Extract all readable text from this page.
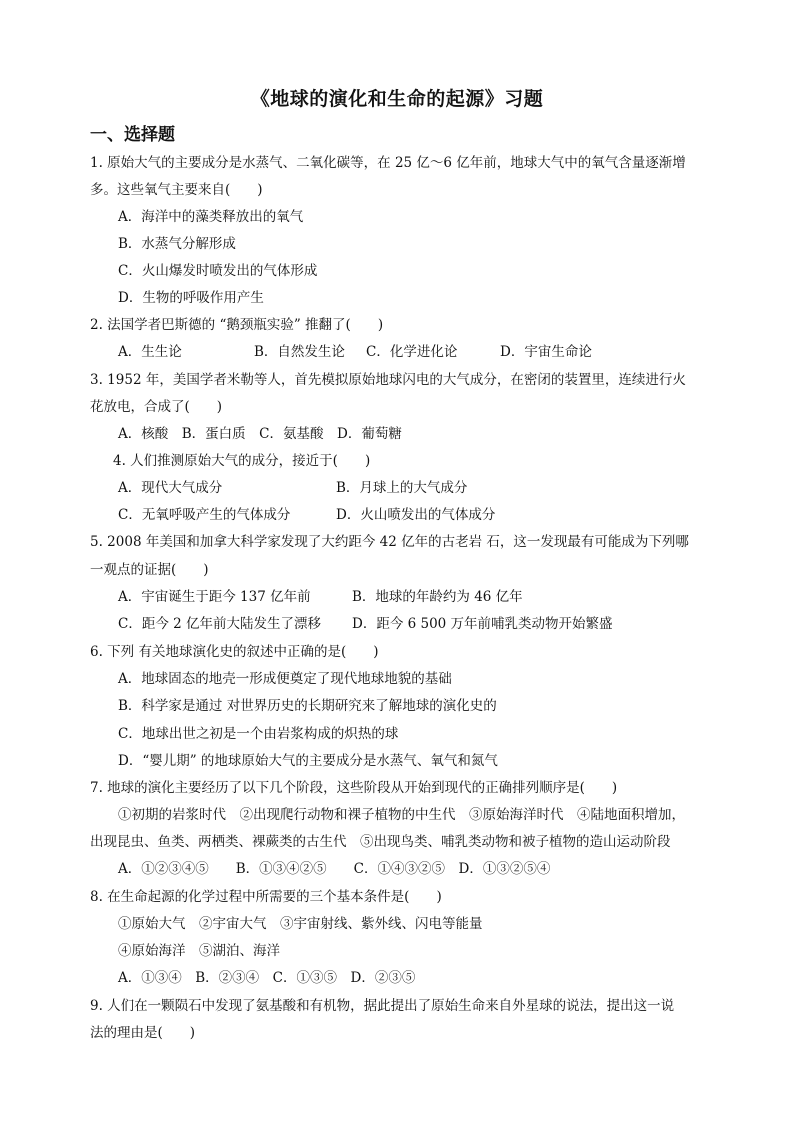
《地球的演化和生命的起源》习题
一、选择题
1. 原始大气的主要成分是水蒸气、二氧化碳等，在 25 亿～6 亿年前，地球大气中的氧气含量逐渐增
多。这些氧气主要来自(　　)
A．海洋中的藻类释放出的氧气
B．水蒸气分解形成
C．火山爆发时喷发出的气体形成
D．生物的呼吸作用产生
2. 法国学者巴斯德的 “鹅颈瓶实验” 推翻了(　　)
A．生生论	B．自然发生论 C．化学进化论	D．宇宙生命论
3. 1952 年，美国学者米勒等人，首先模拟原始地球闪电的大气成分，在密闭的装置里，连续进行火
花放电，合成了(　　)
A．核酸　B．蛋白质　C．氨基酸　D．葡萄糖
4. 人们推测原始大气的成分，接近于(　　)
A．现代大气成分	B．月球上的大气成分
C．无氧呼吸产生的气体成分	D．火山喷发出的气体成分
5. 2008 年美国和加拿大科学家发现了大约距今 42 亿年的古老岩 石，这一发现最有可能成为下列哪
一观点的证据(　　)
A．宇宙诞生于距今 137 亿年前	B．地球的年龄约为 46 亿年
C．距今 2 亿年前大陆发生了漂移 D．距今 6 500 万年前哺乳类动物开始繁盛
6. 下列 有关地球演化史的叙述中正确的是(　　)
A．地球固态的地壳一形成便奠定了现代地球地貌的基础
B．科学家是通过 对世界历史的长期研究来了解地球的演化史的
C．地球出世之初是一个由岩浆构成的炽热的球
D．“婴儿期” 的地球原始大气的主要成分是水蒸气、氧气和氮气
7. 地球的演化主要经历了以下几个阶段，这些阶段从开始到现代的正确排列顺序是(　　)
①初期的岩浆时代　②出现爬行动物和裸子植物的中生代　③原始海洋时代　④陆地面积增加，
出现昆虫、鱼类、两栖类、裸蕨类的古生代　⑤出现鸟类、哺乳类动物和被子植物的造山运动阶段
A．①②③④⑤　　B．①③④②⑤　　C．①④③②⑤　D．①③②⑤④
8. 在生命起源的化学过程中所需要的三个基本条件是(　　)
①原始大气　②宇宙大气　③宇宙射线、紫外线、闪电等能量
④原始海洋　⑤湖泊、海洋
A．①③④　B．②③④　C．①③⑤　D．②③⑤
9. 人们在一颗陨石中发现了氨基酸和有机物，据此提出了原始生命来自外星球的说法，提出这一说
法的理由是(　　)
